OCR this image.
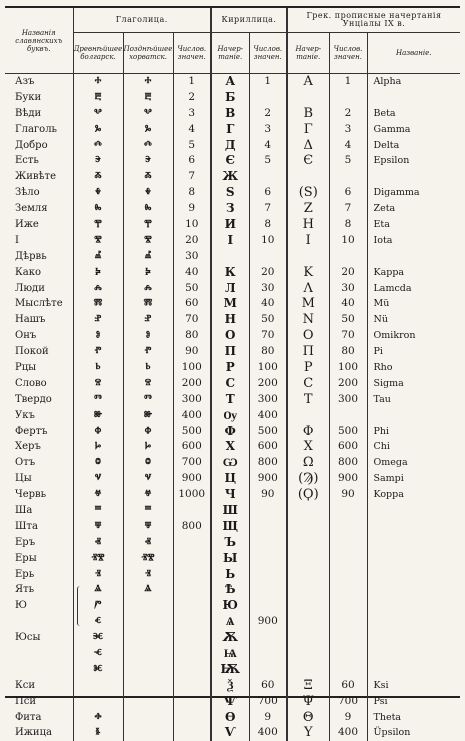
Названія славянскихъ буквъ.	Глаголица.			Кириллица.		Грек. прописные начертанія Унціалы IX в.		
	Древнѣйшее болгарск.	Позднѣйшее хорватск.	Числов. значен.	Начер-таніе.	Числов. значен.	Начер-таніе.	Числов. значен.	Названіе.
Азъ	ⰰ	ⰰ	1	А	1	Α	1	Alpha
Буки	ⰱ	ⰱ	2	Б				
Вѣди	ⰲ	ⰲ	3	В	2	Β	2	Beta
Глаголь	ⰳ	ⰳ	4	Г	3	Γ	3	Gamma
Добро	ⰴ	ⰴ	5	Д	4	Δ	4	Delta
Есть	ⰵ	ⰵ	6	Є	5	Є	5	Epsilon
Живѣте	ⰶ	ⰶ	7	Ж				
Зѣло	ⰷ	ⰷ	8	Ѕ	6	(S)	6	Digamma
Земля	ⰸ	ⰸ	9	З	7	Ζ	7	Zeta
Иже	ⰹ	ⰹ	10	И	8	Η	8	Eta
І	ⰺ	ⰺ	20	І	10	Ι	10	Iota
Дѣрвь	ⰼ	ⰼ	30					
Како	ⰽ	ⰽ	40	К	20	Κ	20	Kappa
Люди	ⰾ	ⰾ	50	Л	30	Λ	30	Lamcda
Мыслѣте	ⰿ	ⰿ	60	М	40	Μ	40	Mü
Нашъ	ⱀ	ⱀ	70	Н	50	Ν	50	Nü
Онъ	ⱁ	ⱁ	80	О	70	Ο	70	Omikron
Покой	ⱂ	ⱂ	90	П	80	Π	80	Pi
Рцы	ⱃ	ⱃ	100	Р	100	Ρ	100	Rho
Слово	ⱄ	ⱄ	200	С	200	Ϲ	200	Sigma
Твердо	ⱅ	ⱅ	300	Т	300	Τ	300	Tau
Укъ	ⱆ	ⱆ	400	Ѹ	400			
Фертъ	ⱇ	ⱇ	500	Ф	500	Φ	500	Phi
Херъ	ⱈ	ⱈ	600	Х	600	Χ	600	Chi
Отъ	ⱉ	ⱉ	700	Ѡ	800	Ω	800	Omega
Цы	ⱌ	ⱌ	900	Ц	900	(Ϡ)	900	Sampi
Червь	ⱍ	ⱍ	1000	Ч	90	(Ϙ)	90	Koppa
Ша	ⱎ	ⱎ		Ш				
Шта	ⱋ	ⱋ	800	Щ				
Еръ	ⱏ	ⱏ		Ъ				
Еры	ⱐⰺ	ⱐⰺ		Ы				
Ерь	ⱐ	ⱐ		Ь				
Ять	ⱑ	ⱑ		Ѣ				
Ю	ⱓ			Ю				
	ⱔ			Ѧ	900			
Юсы	ⱗ			Ѫ				
	ⱕ			Ѩ				
	ⱘ			Ѭ				
Кси				Ѯ	60	Ξ	60	Ksi
Пси				Ѱ	700	Ψ	700	Psi
Фита	ⱚ			Ѳ	9	Θ	9	Theta
Ижица	ⱛ			Ѵ	400	Υ	400	Üpsilon
